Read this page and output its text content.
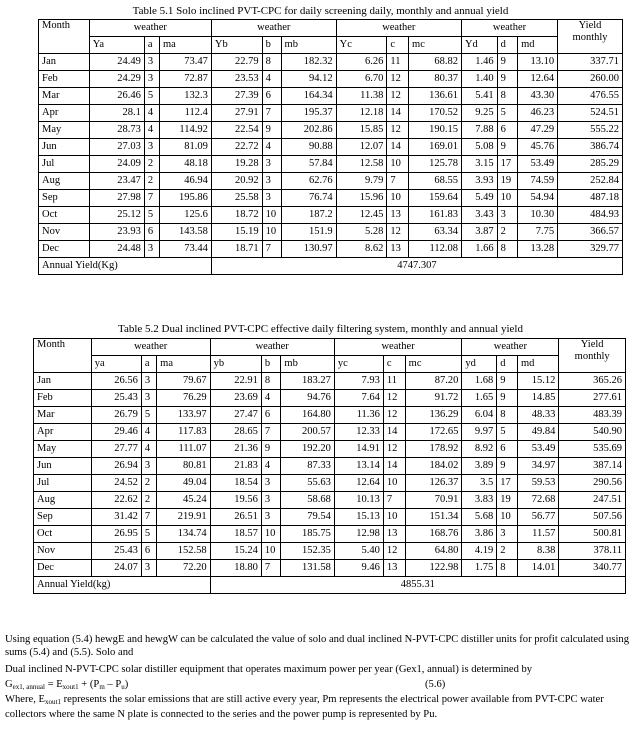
Table 5.1 Solo inclined PVT-CPC for daily screening daily, monthly and annual yield
Month	weather			weather			weather			weather			Yield
monthly

	Ya	a	ma	Yb	b	mb	Yc	c	mc	Yd	d	md	
Jan	24.49	3	73.47	22.79	8	182.32	6.26	11	68.82	1.46	9	13.10	337.71
Feb	24.29	3	72.87	23.53	4	94.12	6.70	12	80.37	1.40	9	12.64	260.00
Mar	26.46	5	132.3	27.39	6	164.34	11.38	12	136.61	5.41	8	43.30	476.55
Apr	28.1	4	112.4	27.91	7	195.37	12.18	14	170.52	9.25	5	46.23	524.51
May	28.73	4	114.92	22.54	9	202.86	15.85	12	190.15	7.88	6	47.29	555.22
Jun	27.03	3	81.09	22.72	4	90.88	12.07	14	169.01	5.08	9	45.76	386.74
Jul	24.09	2	48.18	19.28	3	57.84	12.58	10	125.78	3.15	17	53.49	285.29
Aug	23.47	2	46.94	20.92	3	62.76	9.79	7	68.55	3.93	19	74.59	252.84
Sep	27.98	7	195.86	25.58	3	76.74	15.96	10	159.64	5.49	10	54.94	487.18
Oct	25.12	5	125.6	18.72	10	187.2	12.45	13	161.83	3.43	3	10.30	484.93
Nov	23.93	6	143.58	15.19	10	151.9	5.28	12	63.34	3.87	2	7.75	366.57
Dec	24.48	3	73.44	18.71	7	130.97	8.62	13	112.08	1.66	8	13.28	329.77
Annual Yield(Kg)				4747.307									
Table 5.2 Dual inclined PVT-CPC effective daily filtering system, monthly and annual yield
Month	weather			weather			weather			weather			Yield
monthly

	ya	a	ma	yb	b	mb	yc	c	mc	yd	d	md	
Jan	26.56	3	79.67	22.91	8	183.27	7.93	11	87.20	1.68	9	15.12	365.26
Feb	25.43	3	76.29	23.69	4	94.76	7.64	12	91.72	1.65	9	14.85	277.61
Mar	26.79	5	133.97	27.47	6	164.80	11.36	12	136.29	6.04	8	48.33	483.39
Apr	29.46	4	117.83	28.65	7	200.57	12.33	14	172.65	9.97	5	49.84	540.90
May	27.77	4	111.07	21.36	9	192.20	14.91	12	178.92	8.92	6	53.49	535.69
Jun	26.94	3	80.81	21.83	4	87.33	13.14	14	184.02	3.89	9	34.97	387.14
Jul	24.52	2	49.04	18.54	3	55.63	12.64	10	126.37	3.5	17	59.53	290.56
Aug	22.62	2	45.24	19.56	3	58.68	10.13	7	70.91	3.83	19	72.68	247.51
Sep	31.42	7	219.91	26.51	3	79.54	15.13	10	151.34	5.68	10	56.77	507.56
Oct	26.95	5	134.74	18.57	10	185.75	12.98	13	168.76	3.86	3	11.57	500.81
Nov	25.43	6	152.58	15.24	10	152.35	5.40	12	64.80	4.19	2	8.38	378.11
Dec	24.07	3	72.20	18.80	7	131.58	9.46	13	122.98	1.75	8	14.01	340.77
Annual Yield(kg)				4855.31									
Using equation (5.4) hewgE and hewgW can be calculated the value of solo and dual inclined N-PVT-CPC distiller units for profit calculated using sums (5.4) and (5.5). Solo and
Dual inclined N-PVT-CPC solar distiller equipment that operates maximum power per year (Gex1, annual) is determined by
$G_{ex1, annual} = E_{xout1} + (P_m - P_u)$	(5.6)
Where, $E_{xout1}$ represents the solar emissions that are still active every year, Pm represents the electrical power available from PVT-CPC water collectors where the same N plate is connected to the series and the power pump is represented by Pu.
